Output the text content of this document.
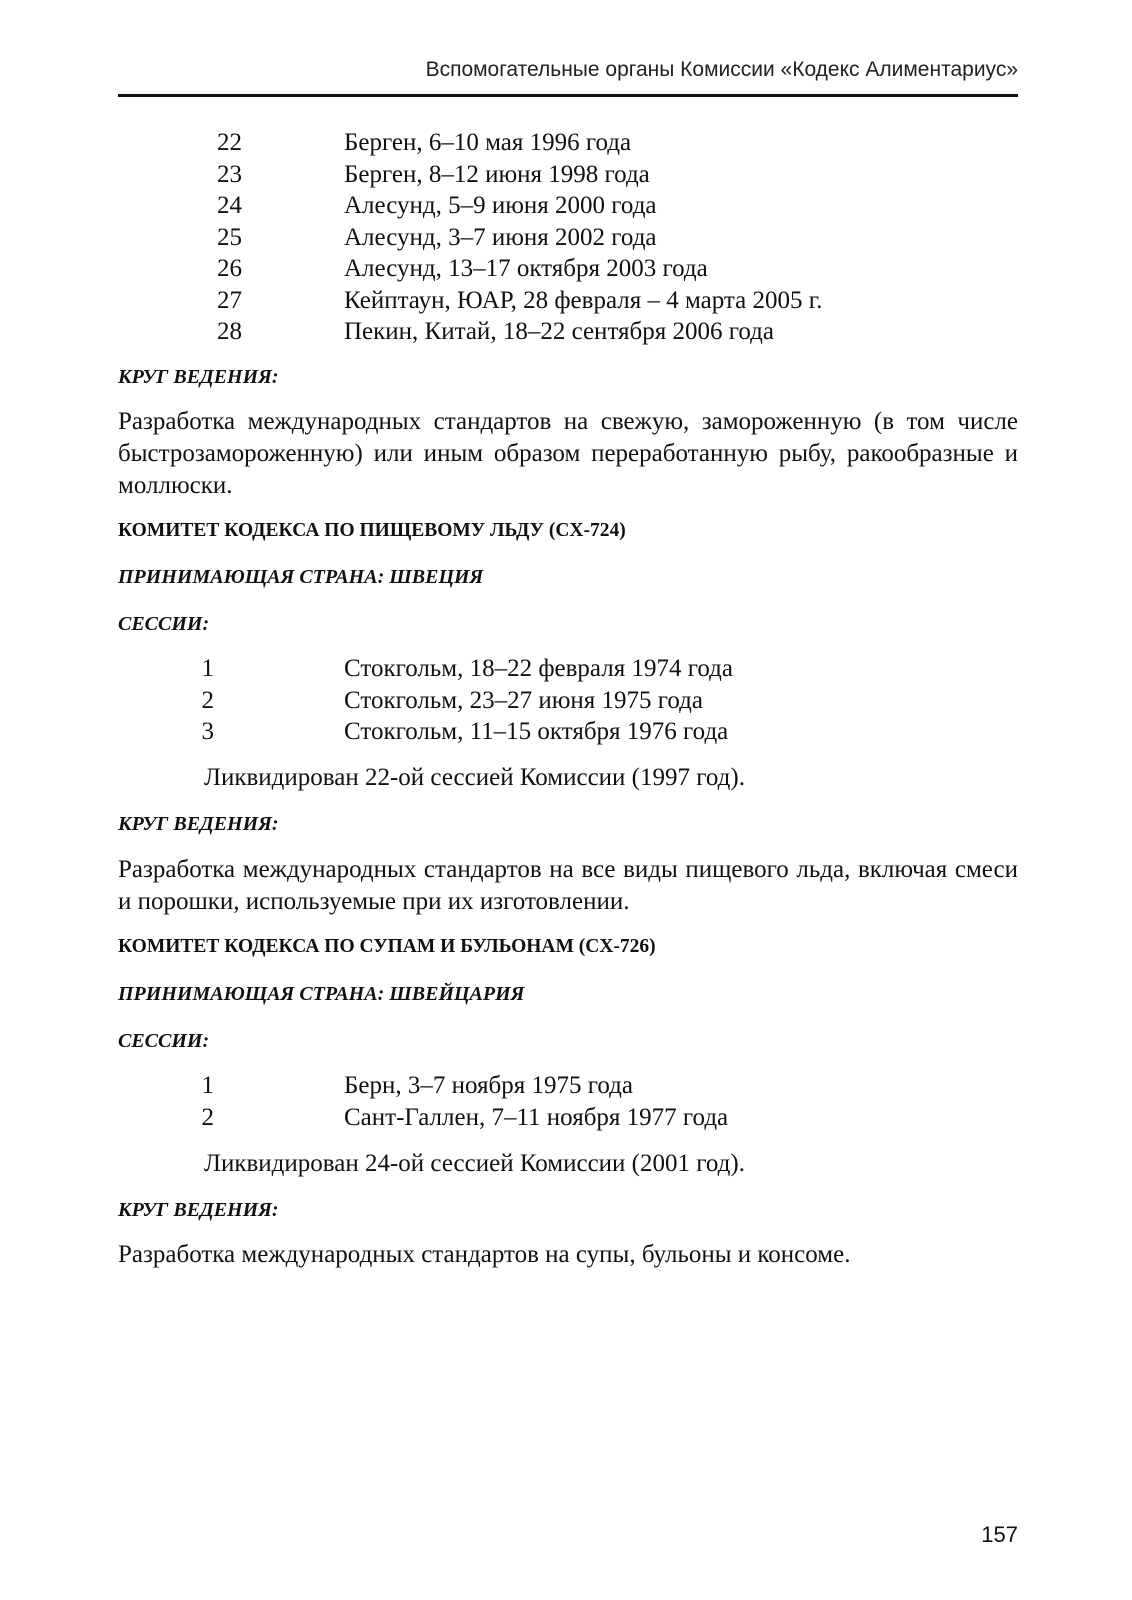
Вспомогательные органы Комиссии «Кодекс Алиментариус»
22	Берген, 6–10 мая 1996 года
23	Берген, 8–12 июня 1998 года
24	Алесунд, 5–9 июня 2000 года
25	Алесунд, 3–7 июня 2002 года
26	Алесунд, 13–17 октября 2003 года
27	Кейптаун, ЮАР, 28 февраля – 4 марта 2005 г.
28	Пекин, Китай, 18–22 сентября 2006 года
КРУГ ВЕДЕНИЯ:
Разработка международных стандартов на свежую, замороженную (в том числе быстрозамороженную) или иным образом переработанную рыбу, ракообразные и моллюски.
КОМИТЕТ КОДЕКСА ПО ПИЩЕВОМУ ЛЬДУ (CX-724)
ПРИНИМАЮЩАЯ СТРАНА: ШВЕЦИЯ
СЕССИИ:
1	Стокгольм, 18–22 февраля 1974 года
2	Стокгольм, 23–27 июня 1975 года
3	Стокгольм, 11–15 октября 1976 года
Ликвидирован 22-ой сессией Комиссии (1997 год).
КРУГ ВЕДЕНИЯ:
Разработка международных стандартов на все виды пищевого льда, включая смеси и порошки, используемые при их изготовлении.
КОМИТЕТ КОДЕКСА ПО СУПАМ И БУЛЬОНАМ (CX-726)
ПРИНИМАЮЩАЯ СТРАНА: ШВЕЙЦАРИЯ
СЕССИИ:
1	Берн, 3–7 ноября 1975 года
2	Сант-Галлен, 7–11 ноября 1977 года
Ликвидирован 24-ой сессией Комиссии (2001 год).
КРУГ ВЕДЕНИЯ:
Разработка международных стандартов на супы, бульоны и консоме.
157
